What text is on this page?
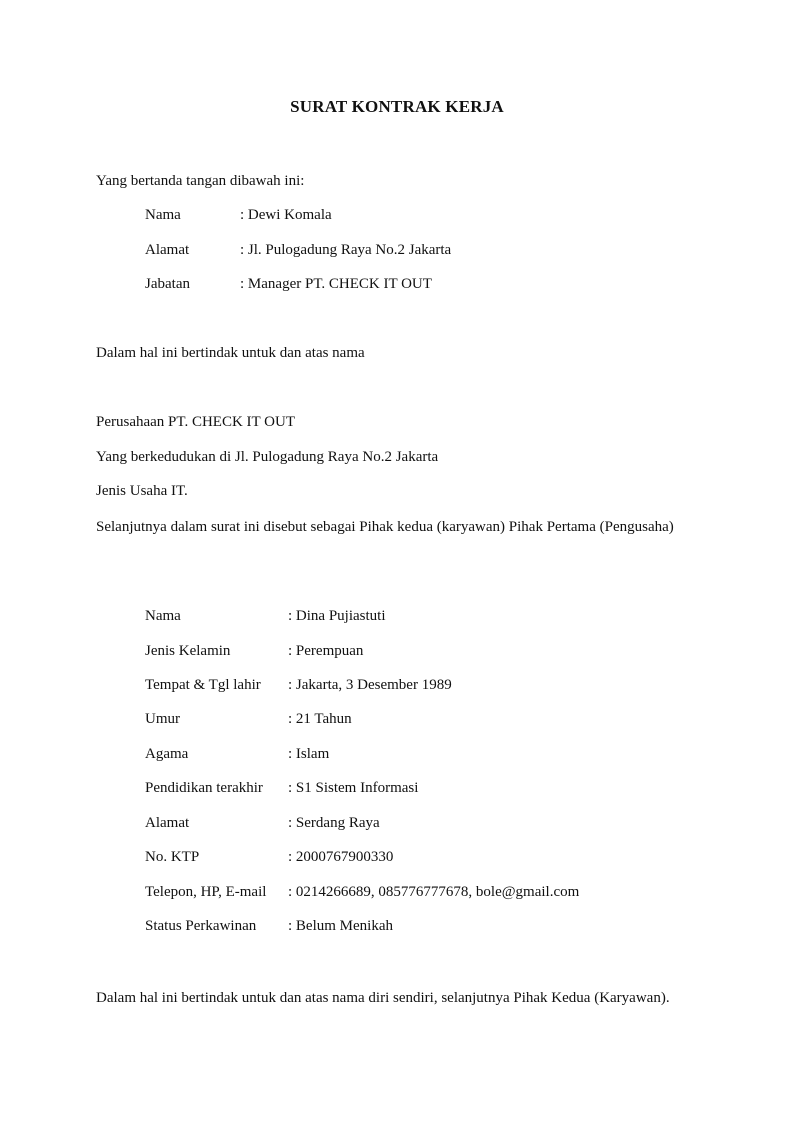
SURAT KONTRAK KERJA
Yang bertanda tangan dibawah ini:
Nama	: Dewi Komala
Alamat	: Jl. Pulogadung Raya No.2 Jakarta
Jabatan	: Manager PT. CHECK IT OUT
Dalam hal ini bertindak untuk dan atas nama
Perusahaan PT. CHECK IT OUT
Yang berkedudukan di Jl. Pulogadung Raya No.2 Jakarta
Jenis Usaha IT.
Selanjutnya dalam surat ini disebut sebagai Pihak kedua (karyawan) Pihak Pertama (Pengusaha)
Nama	: Dina Pujiastuti
Jenis Kelamin	: Perempuan
Tempat & Tgl lahir : Jakarta, 3 Desember 1989
Umur	: 21 Tahun
Agama	: Islam
Pendidikan terakhir : S1 Sistem Informasi
Alamat	: Serdang Raya
No. KTP	: 2000767900330
Telepon, HP, E-mail : 0214266689, 085776777678, bole@gmail.com
Status Perkawinan : Belum Menikah
Dalam hal ini bertindak untuk dan atas nama diri sendiri, selanjutnya Pihak Kedua (Karyawan).
